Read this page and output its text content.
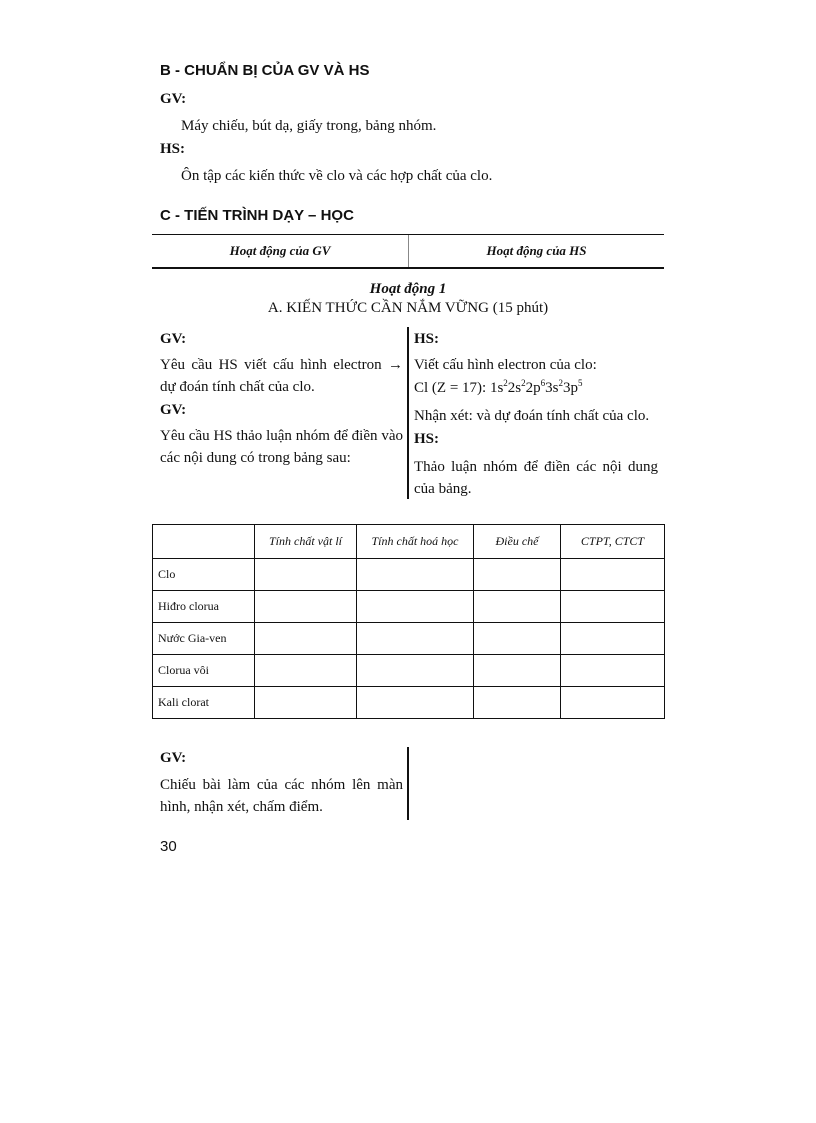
B - CHUẨN BỊ CỦA GV VÀ HS
GV:
Máy chiếu, bút dạ, giấy trong, bảng nhóm.
HS:
Ôn tập các kiến thức về clo và các hợp chất của clo.
C - TIẾN TRÌNH DẠY – HỌC
Hoạt động của GV	Hoạt động của HS
Hoạt động 1
A. KIẾN THỨC CẦN NẮM VỮNG (15 phút)
GV:
Yêu cầu HS viết cấu hình electron → dự đoán tính chất của clo.
GV:
Yêu cầu HS thảo luận nhóm để điền vào các nội dung có trong bảng sau:
HS:
Viết cấu hình electron của clo:
Cl (Z = 17): $1s^22s^22p^63s^23p^5$
Nhận xét: và dự đoán tính chất của clo.
HS:
Thảo luận nhóm để điền các nội dung của bảng.
	Tính chất vật lí	Tính chất hoá học	Điều chế	CTPT, CTCT
Clo				
Hiđro clorua				
Nước Gia-ven				
Clorua vôi				
Kali clorat				
GV:
Chiếu bài làm của các nhóm lên màn hình, nhận xét, chấm điểm.
30
